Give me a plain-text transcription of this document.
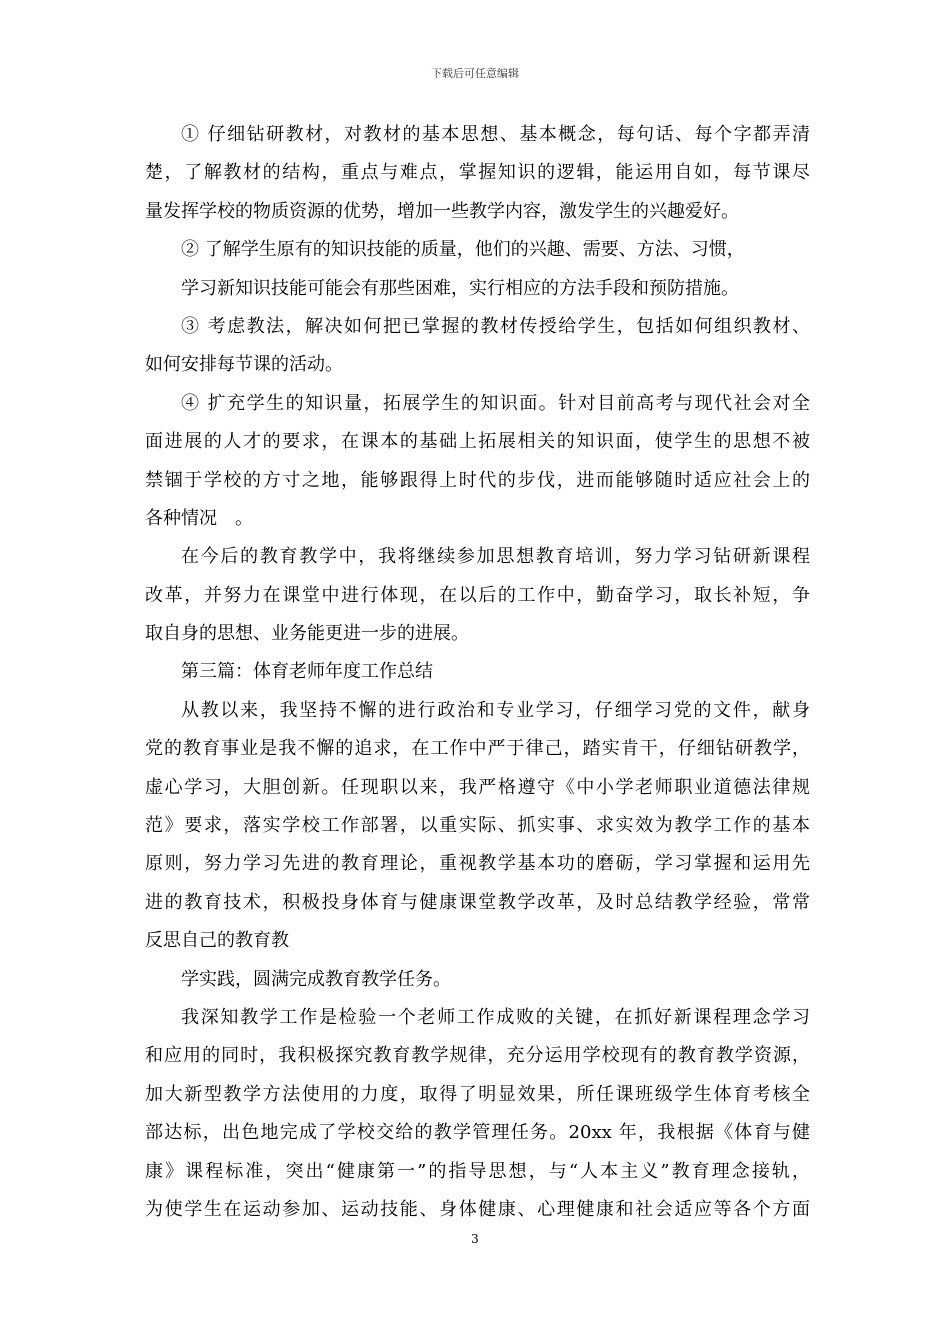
下载后可任意编辑
① 仔细钻研教材，对教材的基本思想、基本概念，每句话、每个字都弄清
楚，了解教材的结构，重点与难点，掌握知识的逻辑，能运用自如，每节课尽
量发挥学校的物质资源的优势，增加一些教学内容，激发学生的兴趣爱好。
② 了解学生原有的知识技能的质量，他们的兴趣、需要、方法、习惯，
学习新知识技能可能会有那些困难，实行相应的方法手段和预防措施。
③ 考虑教法，解决如何把已掌握的教材传授给学生，包括如何组织教材、
如何安排每节课的活动。
④ 扩充学生的知识量，拓展学生的知识面。针对目前高考与现代社会对全
面进展的人才的要求，在课本的基础上拓展相关的知识面，使学生的思想不被
禁锢于学校的方寸之地，能够跟得上时代的步伐，进而能够随时适应社会上的
各种情况　。
在今后的教育教学中，我将继续参加思想教育培训，努力学习钻研新课程
改革，并努力在课堂中进行体现，在以后的工作中，勤奋学习，取长补短，争
取自身的思想、业务能更进一步的进展。
第三篇：体育老师年度工作总结
从教以来，我坚持不懈的进行政治和专业学习，仔细学习党的文件，献身
党的教育事业是我不懈的追求，在工作中严于律己，踏实肯干，仔细钻研教学，
虚心学习，大胆创新。任现职以来，我严格遵守《中小学老师职业道德法律规
范》要求，落实学校工作部署，以重实际、抓实事、求实效为教学工作的基本
原则，努力学习先进的教育理论，重视教学基本功的磨砺，学习掌握和运用先
进的教育技术，积极投身体育与健康课堂教学改革，及时总结教学经验，常常
反思自己的教育教
学实践，圆满完成教育教学任务。
我深知教学工作是检验一个老师工作成败的关键，在抓好新课程理念学习
和应用的同时，我积极探究教育教学规律，充分运用学校现有的教育教学资源，
加大新型教学方法使用的力度，取得了明显效果，所任课班级学生体育考核全
部达标，出色地完成了学校交给的教学管理任务。20xx 年，我根据《体育与健
康》课程标准，突出“健康第一”的指导思想，与“人本主义”教育理念接轨，
为使学生在运动参加、运动技能、身体健康、心理健康和社会适应等各个方面
3
